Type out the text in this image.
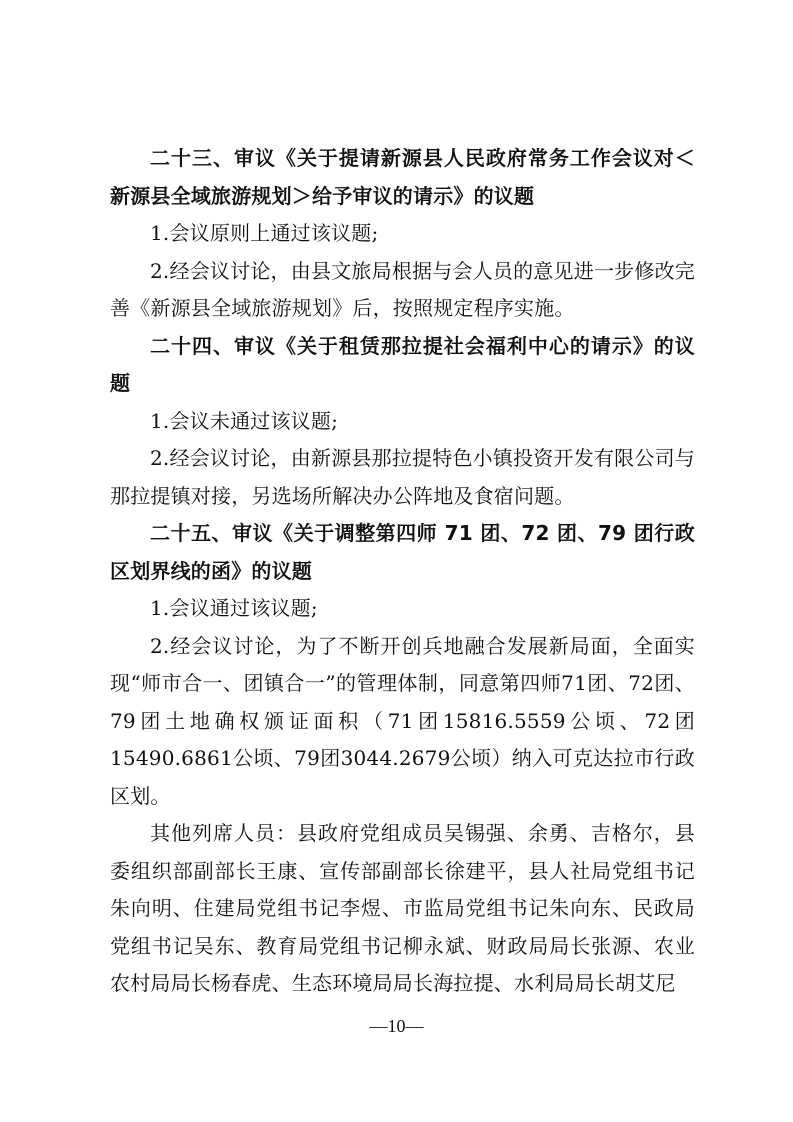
二十三、审议《关于提请新源县人民政府常务工作会议对＜新源县全域旅游规划＞给予审议的请示》的议题

1.会议原则上通过该议题;

2.经会议讨论，由县文旅局根据与会人员的意见进一步修改完善《新源县全域旅游规划》后，按照规定程序实施。

二十四、审议《关于租赁那拉提社会福利中心的请示》的议题

1.会议未通过该议题;

2.经会议讨论，由新源县那拉提特色小镇投资开发有限公司与那拉提镇对接，另选场所解决办公阵地及食宿问题。

二十五、审议《关于调整第四师 71 团、72 团、79 团行政区划界线的函》的议题

1.会议通过该议题;

2.经会议讨论，为了不断开创兵地融合发展新局面，全面实现“师市合一、团镇合一”的管理体制，同意第四师71团、72团、79团土地确权颁证面积（71团15816.5559公顷、72团15490.6861公顷、79团3044.2679公顷）纳入可克达拉市行政区划。

其他列席人员：县政府党组成员吴锡强、余勇、吉格尔，县委组织部副部长王康、宣传部副部长徐建平，县人社局党组书记朱向明、住建局党组书记李煜、市监局党组书记朱向东、民政局党组书记吴东、教育局党组书记柳永斌、财政局局长张源、农业农村局局长杨春虎、生态环境局局长海拉提、水利局局长胡艾尼

—10—
